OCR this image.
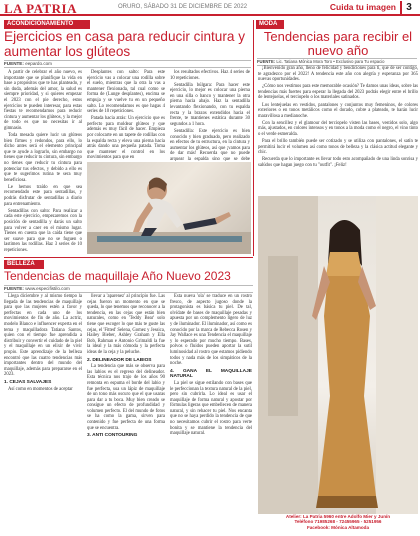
LA PATRIA	ORURO, SÁBADO 31 DE DICIEMBRE DE 2022	Cuida tu imagen	3
ACONDICIONAMIENTO
Ejercicios en casa para reducir cintura y aumentar los glúteos
FUENTE: eepardo.com

A partir de celebrar el año nuevo, es importante que se planifique la vida en base a propósitos que te has planteado, y sin duda, además del amor, la salud es siempre prioridad, y si quieres empezar el 2023 con el pie derecho, estos ejercicios te pueden interesar, para estas fiestas te recomendamos para reducir cintura y aumentar los glúteos, y la mejor de todo es que no necesitas ir al gimnasio.

Toda mesada quiere lucir un glúteos bien firmes y redondos, para ello, lo dicho antes será el elemento principal que te ayude a lograrlo, sin embargo no tienes que reducir tu cintura, sin embargo no tienes que reducir tu cintura para potenciar tus efectos, y debido a ello es que te sugerimos rutina te sera muy beneficiosa.

Le hemos traído en que sea recomendado este para sentadillas, y podrás disfrutar de sentadillas a diario para entrenamiento.

Sentadillas con salto: Para realizar a cada este ejercicio, empezaremos con la posición de sentadilla y darás un salto para volver a caer en el mismo lugar. Tienes en cuenta que la caída tiene que ser suave para que no se fuguen o lastimen las rodillas. Haz 3 series de 10 repeticiones.

Desplantes con salto: Para este ejercicio vas a colocar una rodilla sobre el suelo, mientras que la otra la vas a mantener flexionada, tal cual como se forma de (Lunge desplantes), encima se empuja y se vuelve tu en un pequeño salto. Lo recomendamos es que hagas 4 series de 10 repeticiones.

Patada hacia atrás: Un ejercicio que es perfecto para moldear glúteos y que además es muy fácil de hacer. Empieza por colocarte en un tapete de rodillas con la espalda recta y eleva una pierna hacia atrás dando una pequeña patada. Toma que mantener el control en los movimientos para que en

los resultados efectivos. Haz 4 series de 10 repeticiones.

Sentadilla búlgara: Para hacer este ejercicio, lo mejor es colocar una pierna en una silla o banco y mantener la otra pierna hacia abajo. Haz la sentadilla levantando flexionando, con tu espalda recta y la brazos extendidos hacia el frente, te mantienes estática durante 30 segundos a 1 hora.

Sentadilla: Este ejercicio es bien conocido y bien graduado, pero realizado en efectos de tu estructura, en la cintura y aumentar los glúteos, así que ¡vamos para de dar más! Recuerda que no puede arquear la espalda sino que se debe

MODA
Tendencias para recibir el nuevo año
FUENTE: Lic. Tatiana Mónica Mora Toro • Exclusivo para Tu espacio

¡Bienvenido gran año, lleno de felicidad y bendiciones para ti, que de ser contigo, te agradezco por el 2022! A tendencia este año con alegría y esperanza por 365 nuevas oportunidades.

¿Cómo nos vestimos para este memorable ocasión? Te damos unas ideas, sobre las tendencias más fuertes para esperar la llegada del 2023 podrás elegir entre el brillo de lentejuelas, el terciopelo o los materiales satinados.

Los lentejuelas en vestidos, pantalones y conjuntos muy femeninos, de colores exteriores o en tonos metálicos como el dorado, cobre a plateado, te harán lucir maravillosa a medianoche.

Con la sencillez y el glamour del terciopelo visten las bases, vestidos solo, algo más, ajustados, en colores intensos y en tonos a la moda como el negro, el vino tinto o el verde esmeralda.

Para el brillo también puede ser cotizado y se utiliza con pantalones, el satín te permitirá lucir el volumen así como tonos de belleza y la clásica actitud elegante y chic.

Recuerda que lo importante es llevar todo esto acompañado de una linda sonrisa y salúdos que hagan juego con tu "outfit". ¡Feliz!

Atelier: La Patria 5960 entre Adolfo Mier y Junín
Teléfono 71985268 - 72455965 - 5251956
Facebook: Mónica Altamoda
BELLEZA
Tendencias de maquillaje Año Nuevo 2023
FUENTE: www.especifistilo.com

Llega diciembre y al mismo tiempo la llegada de las tendencias de maquillaje para que las mujeres estén a favor y perfectas en cada uno de los movimientos de fin de año. La actriz, modelo Blanco e influencer experta en el tema y maquilladora Tatiana Santos, quien con el tiempo fue aprendida a distribuir y convertir el cuidado de la piel y el maquillaje en un elixir de vivir propio. Este aprendizaje de la belleza encontró que las cuatro tendencias más importantes dentro del mundo del maquillaje, además para prepararse en el 2023.

1. CEJAS SALVAJES

Así como en momentos de aceptar

llevar a 'aparenez' al principio fue. Las cejas fueron un momento en que se queda, lo que tenemos que reconocer a la tendencia, en las cejas que están bien naturales, como en 'Teddy Bear' solo tiene que escoger lo que más te guste las cejas, el 'Fitted' Selena, Gomez y Jessica, Hailey Bieber, Ashley Graham y Ella Bob, Rahman e Antonio Grimaldi la fue la ideal y la más cómoda y la perfecta ideas de la ceja y la peluche.

2. DELINEADOR DE LABIOS

La tendencia que más se observa para las labios es el regreso del delineador. Esta técnica nos trajo de los años 90 remonta en espuma el borde del labio y fue perfecta, usa un lápiz de maquillaje de un tono más oscuro que el que usaras para dar a tu boca. Muy bien creado se consigue un efecto de profundidad y volumen perfecto. El del mundo de fotos se ha como la gama, sirven para contenido y fue perfecta de una forma que se encuentra.

3. ANTI CONTOURING

Esta nueva 'ola' se traduce en un rostro fresco, de aspecto jugoso donde la protagonista es básica tu piel. De tal, olvídate de bases de maquillaje pesadas y apuesta por un complemento ligero de luz y de iluminador. El iluminador, así como es conocido por la marca de Rebecca Rosen y Jay Wallace es una Tendencia el maquillaje y lo esperado por mucho tiempo. Bases, polvos o fluidos pueden aportar la sutil luminosidad al rostro que estamos pidiendo todos y nada más de los simpáticos de la noche.

4. GANA EL MAQUILLAJE NATURAL

La piel se sigue estilando con bases que le perfeccionan la textura natural de la piel, pero sin cubrirla. Lo ideal es usar el maquillaje de forma natural y apostar por fórmulas ligeras que embellecen de manera natural, y sin rehacer tu piel. Nos encanta que no se haya perdido la tendencia de que no necesitamos cubrir el rostro para verte bonita y se mantiene la tendencia del maquillaje natural.
